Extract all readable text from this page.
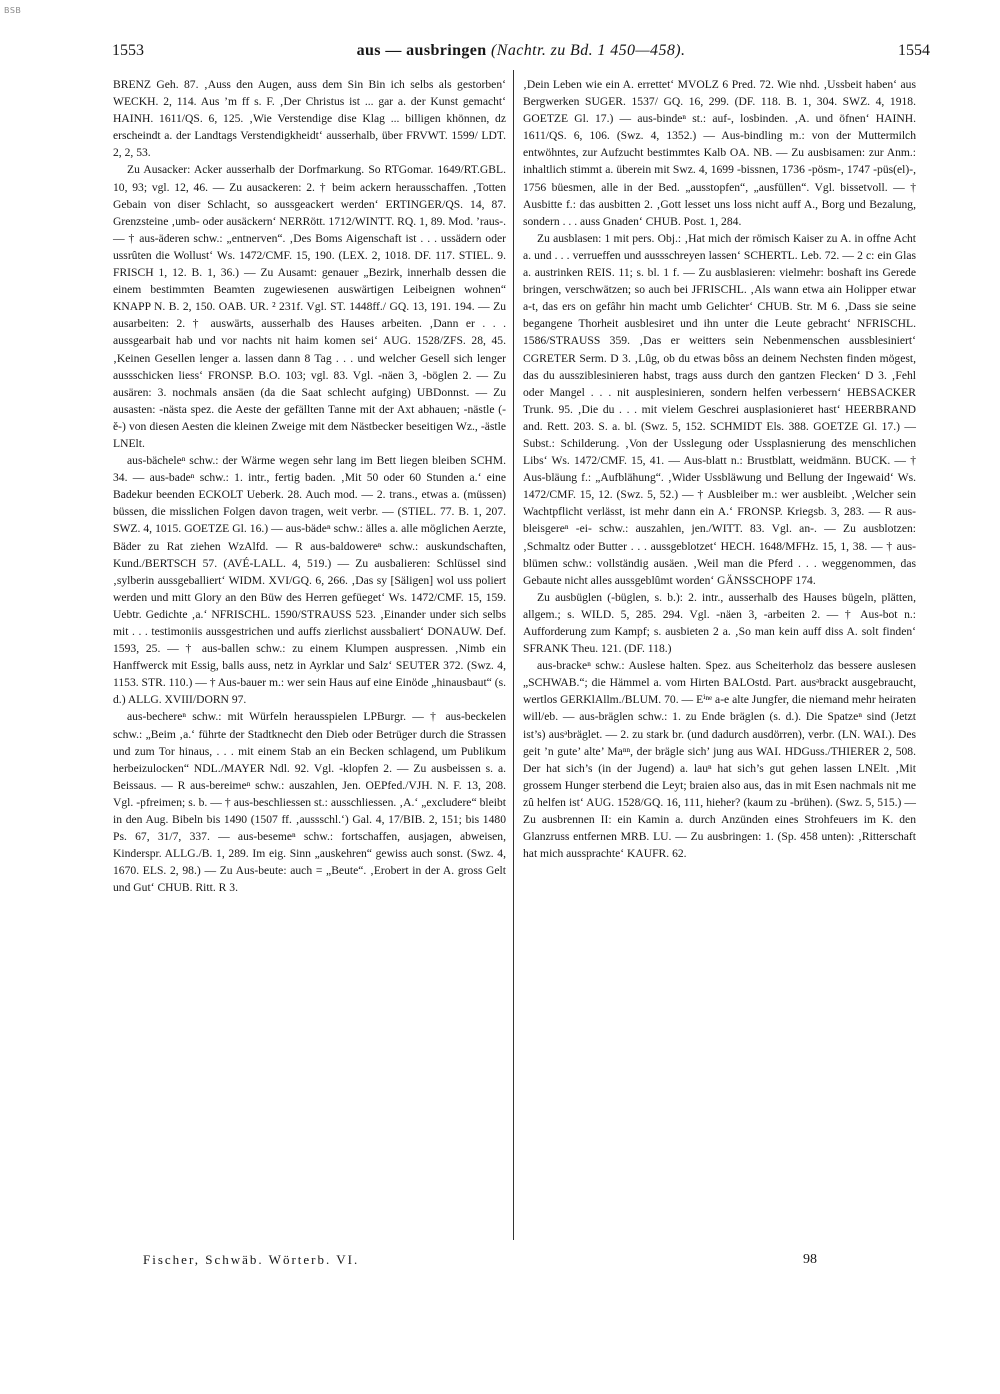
BSB
1553	aus — ausbringen (Nachtr. zu Bd. 1 450—458).	1554

BRENZ Geh. 87. ‚Auss den Augen, auss dem Sin Bin ich selbs als gestorben‘ WECKH. 2, 114. Aus ’m ff s. F. ‚Der Christus ist ... gar a. der Kunst gemacht‘ HAINH. 1611/QS. 6, 125. ‚Wie Verstendige dise Klag ... billigen khönnen, dz erscheindt a. der Landtags Verstendigkheidt‘ ausserhalb, über FRVWT. 1599/ LDT. 2, 2, 53.

Zu Ausacker: Acker ausserhalb der Dorfmarkung. So RTGomar. 1649/RT.GBL. 10, 93; vgl. 12, 46. — Zu ausackeren: 2. † beim ackern herausschaffen. ‚Totten Gebain von diser Schlacht, so aussgeackert werden‘ ERTINGER/QS. 14, 87. Grenzsteine ‚umb- oder ausäckern‘ NERRött. 1712/WINTT. RQ. 1, 89. Mod. ’raus-. — † aus-äderen schw.: „entnerven“. ‚Des Boms Aigenschaft ist . . . ussädern oder ussrûten die Wollust‘ Ws. 1472/CMF. 15, 190. (LEX. 2, 1018. DF. 117. STIEL. 9. FRISCH 1, 12. B. 1, 36.) — Zu Ausamt: genauer „Bezirk, innerhalb dessen die einem bestimmten Beamten zugewiesenen auswärtigen Leibeignen wohnen“ KNAPP N. B. 2, 150. OAB. UR. ² 231f. Vgl. ST. 1448ff./ GQ. 13, 191. 194. — Zu ausarbeiten: 2. † auswärts, ausserhalb des Hauses arbeiten. ‚Dann er . . . aussgearbait hab und vor nachts nit haim komen sei‘ AUG. 1528/ZFS. 28, 45. ‚Keinen Gesellen lenger a. lassen dann 8 Tag . . . und welcher Gesell sich lenger aussschicken liess‘ FRONSP. B.O. 103; vgl. 83. Vgl. -näen 3, -böglen 2. — Zu ausären: 3. nochmals ansäen (da die Saat schlecht aufging) UBDonnst. — Zu ausasten: -nästa spez. die Aeste der gefällten Tanne mit der Axt abhauen; -nästle (-ĕ-) von diesen Aesten die kleinen Zweige mit dem Nästbecker beseitigen Wz., -ästle LNElt.

aus-bächeleⁿ schw.: der Wärme wegen sehr lang im Bett liegen bleiben SCHM. 34. — aus-badeⁿ schw.: 1. intr., fertig baden. ‚Mit 50 oder 60 Stunden a.‘ eine Badekur beenden ECKOLT Ueberk. 28. Auch mod. — 2. trans., etwas a. (müssen) büssen, die misslichen Folgen davon tragen, weit verbr. — (STIEL. 77. B. 1, 207. SWZ. 4, 1015. GOETZE Gl. 16.) — aus-bädeⁿ schw.: älles a. alle möglichen Aerzte, Bäder zu Rat ziehen WzAlfd. — R aus-baldowereⁿ schw.: auskundschaften, Kund./BERTSCH 57. (AVÉ-LALL. 4, 519.) — Zu ausbalieren: Schlüssel sind ‚sylberin aussgeballiert‘ WIDM. XVI/GQ. 6, 266. ‚Das sy [Säligen] wol uss poliert werden und mitt Glory an den Büw des Herren gefüeget‘ Ws. 1472/CMF. 15, 159. Uebtr. Gedichte ‚a.‘ NFRISCHL. 1590/STRAUSS 523. ‚Einander under sich selbs mit . . . testimoniis aussgestrichen und auffs zierlichst aussbaliert‘ DONAUW. Def. 1593, 25. — † aus-ballen schw.: zu einem Klumpen auspressen. ‚Nimb ein Hanffwerck mit Essig, balls auss, netz in Ayrklar und Salz‘ SEUTER 372. (Swz. 4, 1153. STR. 110.) — † Aus-bauer m.: wer sein Haus auf eine Einöde „hinausbaut“ (s. d.) ALLG. XVIII/DORN 97.

aus-bechereⁿ schw.: mit Würfeln herausspielen LPBurgr. — † aus-beckelen schw.: „Beim ‚a.‘ führte der Stadtknecht den Dieb oder Betrüger durch die Strassen und zum Tor hinaus, . . . mit einem Stab an ein Becken schlagend, um Publikum herbeizulocken“ NDL./MAYER Ndl. 92. Vgl. -klopfen 2. — Zu ausbeissen s. a. Beissaus. — R aus-bereimeⁿ schw.: auszahlen, Jen. OEPfed./VJH. N. F. 13, 208. Vgl. -pfreimen; s. b. — † aus-beschliessen st.: ausschliessen. ‚A.‘ „excludere“ bleibt in den Aug. Bibeln bis 1490 (1507 ff. ‚aussschl.‘) Gal. 4, 17/BIB. 2, 151; bis 1480 Ps. 67, 31/7, 337. — aus-besemeⁿ schw.: fortschaffen, ausjagen, abweisen, Kinderspr. ALLG./B. 1, 289. Im eig. Sinn „auskehren“ gewiss auch sonst. (Swz. 4, 1670. ELS. 2, 98.) — Zu Aus-beute: auch = „Beute“. ‚Erobert in der A. gross Gelt und Gut‘ CHUB. Ritt. R 3.

‚Dein Leben wie ein A. errettet‘ MVOLZ 6 Pred. 72. Wie nhd. ‚Ussbeit haben‘ aus Bergwerken SUGER. 1537/ GQ. 16, 299. (DF. 118. B. 1, 304. SWZ. 4, 1918. GOETZE Gl. 17.) — aus-bindeⁿ st.: auf-, losbinden. ‚A. und öfnen‘ HAINH. 1611/QS. 6, 106. (Swz. 4, 1352.) — Aus-bindling m.: von der Muttermilch entwöhntes, zur Aufzucht bestimmtes Kalb OA. NB. — Zu ausbisamen: zur Anm.: inhaltlich stimmt a. überein mit Swz. 4, 1699 -bissnen, 1736 -pösm-, 1747 -püs(el)-, 1756 büesmen, alle in der Bed. „ausstopfen“, „ausfüllen“. Vgl. bissetvoll. — † Ausbitte f.: das ausbitten 2. ‚Gott lesset uns loss nicht auff A., Borg und Bezalung, sondern . . . auss Gnaden‘ CHUB. Post. 1, 284.

Zu ausblasen: 1 mit pers. Obj.: ‚Hat mich der römisch Kaiser zu A. in offne Acht a. und . . . verrueffen und aussschreyen lassen‘ SCHERTL. Leb. 72. — 2 c: ein Glas a. austrinken REIS. 11; s. bl. 1 f. — Zu ausblasieren: vielmehr: boshaft ins Gerede bringen, verschwätzen; so auch bei JFRISCHL. ‚Als wann etwa ain Holipper etwar a-t, das ers on gefâhr hin macht umb Gelichter‘ CHUB. Str. M 6. ‚Dass sie seine begangene Thorheit ausblesiret und ihn unter die Leute gebracht‘ NFRISCHL. 1586/STRAUSS 359. ‚Das er weitters sein Nebenmenschen aussblesiniert‘ CGRETER Serm. D 3. ‚Lûg, ob du etwas bôss an deinem Nechsten finden mögest, das du aussziblesinieren habst, trags auss durch den gantzen Flecken‘ D 3. ‚Fehl oder Mangel . . . nit ausplesinieren, sondern helfen verbessern‘ HEBSACKER Trunk. 95. ‚Die du . . . mit vielem Geschrei ausplasionieret hast‘ HEERBRAND and. Rett. 203. S. a. bl. (Swz. 5, 152. SCHMIDT Els. 388. GOETZE Gl. 17.) — Subst.: Schilderung. ‚Von der Usslegung oder Ussplasnierung des menschlichen Libs‘ Ws. 1472/CMF. 15, 41. — Aus-blatt n.: Brustblatt, weidmänn. BUCK. — † Aus-bläung f.: „Aufblähung“. ‚Wider Ussbläwung und Bellung der Ingewaid‘ Ws. 1472/CMF. 15, 12. (Swz. 5, 52.) — † Ausbleiber m.: wer ausbleibt. ‚Welcher sein Wachtpflicht verlässt, ist mehr dann ein A.‘ FRONSP. Kriegsb. 3, 283. — R aus-bleisgereⁿ -ei- schw.: auszahlen, jen./WITT. 83. Vgl. an-. — Zu ausblotzen: ‚Schmaltz oder Butter . . . aussgeblotzet‘ HECH. 1648/MFHz. 15, 1, 38. — † aus-blümen schw.: vollständig ausäen. ‚Weil man die Pferd . . . weggenommen, das Gebaute nicht alles aussgeblûmt worden‘ GÄNSSCHOPF 174.

Zu ausbüglen (-büglen, s. b.): 2. intr., ausserhalb des Hauses bügeln, plätten, allgem.; s. WILD. 5, 285. 294. Vgl. -näen 3, -arbeiten 2. — † Aus-bot n.: Aufforderung zum Kampf; s. ausbieten 2 a. ‚So man kein auff diss A. solt finden‘ SFRANK Theu. 121. (DF. 118.)

aus-brackeⁿ schw.: Auslese halten. Spez. aus Scheiterholz das bessere auslesen „SCHWAB.“; die Hämmel a. vom Hirten BALOstd. Part. ausᵊbrackt ausgebraucht, wertlos GERKlAllm./BLUM. 70. — Eⁱⁿᵉ a-e alte Jungfer, die niemand mehr heiraten will/eb. — aus-bräglen schw.: 1. zu Ende bräglen (s. d.). Die Spatzeⁿ sind (Jetzt ist’s) ausᵊbräglet. — 2. zu stark br. (und dadurch ausdörren), verbr. (LN. WAI.). Des geit ’n gute’ alte’ Maⁿⁿ, der brägle sich’ jung aus WAI. HDGuss./THIERER 2, 508. Der hat sich’s (in der Jugend) a. lauⁿ hat sich’s gut gehen lassen LNElt. ‚Mit grossem Hunger sterbend die Leyt; braien also aus, das in mit Esen nachmals nit me zû helfen ist‘ AUG. 1528/GQ. 16, 111, hieher? (kaum zu -brühen). (Swz. 5, 515.) — Zu ausbrennen II: ein Kamin a. durch Anzünden eines Strohfeuers im K. den Glanzruss entfernen MRB. LU. — Zu ausbringen: 1. (Sp. 458 unten): ‚Ritterschaft hat mich aussprachte‘ KAUFR. 62.

Fischer, Schwäb. Wörterb. VI.	98
